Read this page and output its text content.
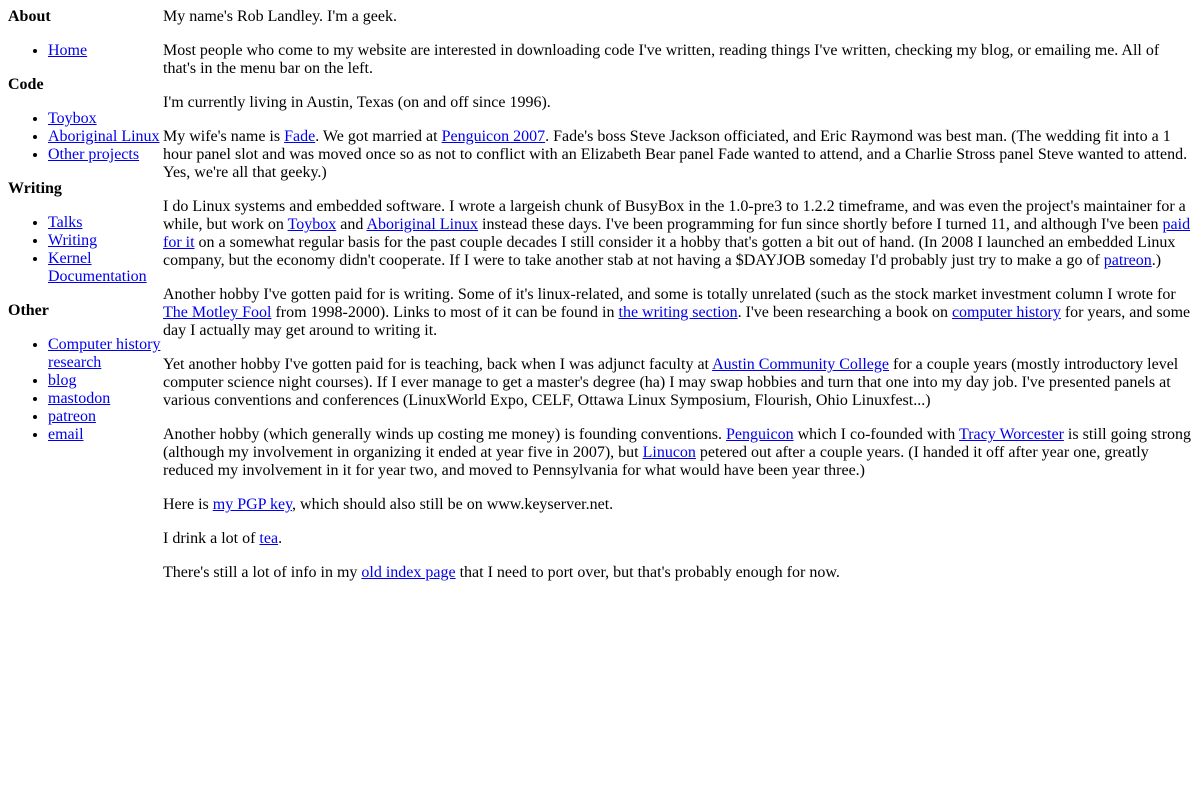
About
• Home
Code
• Toybox
• Aboriginal Linux
• Other projects
Writing
• Talks
• Writing
• Kernel Documentation
Other
• Computer history research
• blog
• mastodon
• patreon
• email

My name's Rob Landley. I'm a geek.

Most people who come to my website are interested in downloading code I've written, reading things I've written, checking my blog, or emailing me. All of that's in the menu bar on the left.

I'm currently living in Austin, Texas (on and off since 1996).

My wife's name is Fade. We got married at Penguicon 2007. Fade's boss Steve Jackson officiated, and Eric Raymond was best man. (The wedding fit into a 1 hour panel slot and was moved once so as not to conflict with an Elizabeth Bear panel Fade wanted to attend, and a Charlie Stross panel Steve wanted to attend. Yes, we're all that geeky.)

I do Linux systems and embedded software. I wrote a largeish chunk of BusyBox in the 1.0-pre3 to 1.2.2 timeframe, and was even the project's maintainer for a while, but work on Toybox and Aboriginal Linux instead these days. I've been programming for fun since shortly before I turned 11, and although I've been paid for it on a somewhat regular basis for the past couple decades I still consider it a hobby that's gotten a bit out of hand. (In 2008 I launched an embedded Linux company, but the economy didn't cooperate. If I were to take another stab at not having a $DAYJOB someday I'd probably just try to make a go of patreon.)

Another hobby I've gotten paid for is writing. Some of it's linux-related, and some is totally unrelated (such as the stock market investment column I wrote for The Motley Fool from 1998-2000). Links to most of it can be found in the writing section. I've been researching a book on computer history for years, and some day I actually may get around to writing it.

Yet another hobby I've gotten paid for is teaching, back when I was adjunct faculty at Austin Community College for a couple years (mostly introductory level computer science night courses). If I ever manage to get a master's degree (ha) I may swap hobbies and turn that one into my day job. I've presented panels at various conventions and conferences (LinuxWorld Expo, CELF, Ottawa Linux Symposium, Flourish, Ohio Linuxfest...)

Another hobby (which generally winds up costing me money) is founding conventions. Penguicon which I co-founded with Tracy Worcester is still going strong (although my involvement in organizing it ended at year five in 2007), but Linucon petered out after a couple years. (I handed it off after year one, greatly reduced my involvement in it for year two, and moved to Pennsylvania for what would have been year three.)

Here is my PGP key, which should also still be on www.keyserver.net.

I drink a lot of tea.

There's still a lot of info in my old index page that I need to port over, but that's probably enough for now.
